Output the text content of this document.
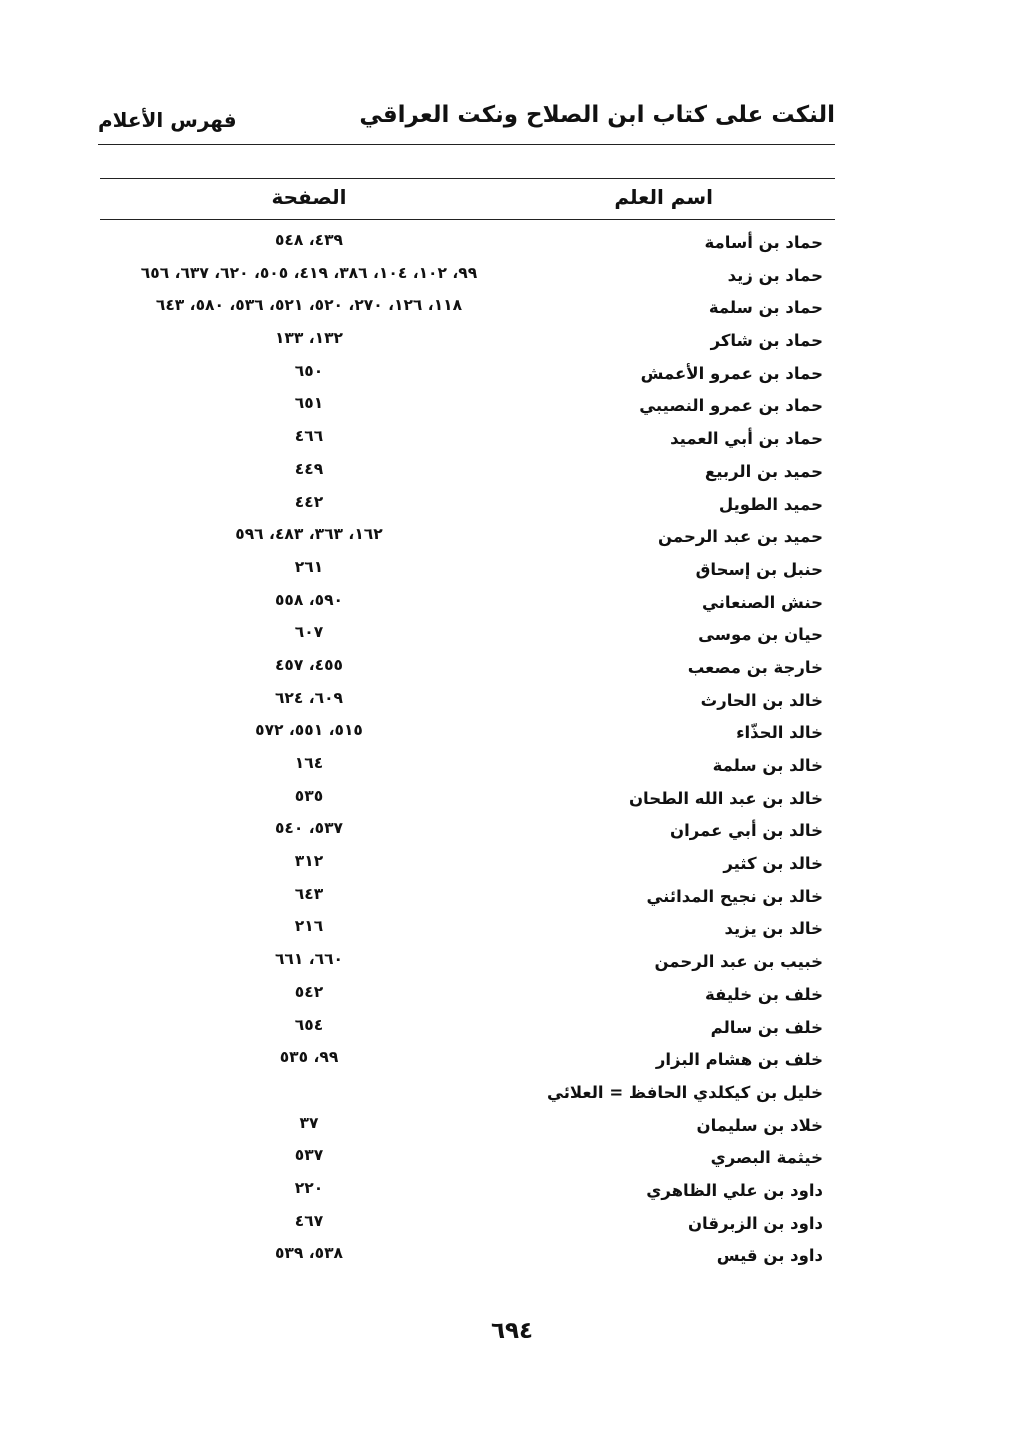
النكت على كتاب ابن الصلاح ونكت العراقي
فهرس الأعلام
اسم العلم
الصفحة
حماد بن أسامة
٤٣٩، ٥٤٨
حماد بن زيد
٩٩، ١٠٢، ١٠٤، ٣٨٦، ٤١٩، ٥٠٥، ٦٢٠، ٦٣٧، ٦٥٦
حماد بن سلمة
١١٨، ١٢٦، ٢٧٠، ٥٢٠، ٥٢١، ٥٣٦، ٥٨٠، ٦٤٣
حماد بن شاكر
١٣٢، ١٣٣
حماد بن عمرو الأعمش
٦٥٠
حماد بن عمرو النصيبي
٦٥١
حماد بن أبي العميد
٤٦٦
حميد بن الربيع
٤٤٩
حميد الطويل
٤٤٢
حميد بن عبد الرحمن
١٦٢، ٣٦٣، ٤٨٣، ٥٩٦
حنبل بن إسحاق
٢٦١
حنش الصنعاني
٥٩٠، ٥٥٨
حيان بن موسى
٦٠٧
خارجة بن مصعب
٤٥٥، ٤٥٧
خالد بن الحارث
٦٠٩، ٦٢٤
خالد الحذّاء
٥١٥، ٥٥١، ٥٧٢
خالد بن سلمة
١٦٤
خالد بن عبد الله الطحان
٥٣٥
خالد بن أبي عمران
٥٣٧، ٥٤٠
خالد بن كثير
٣١٢
خالد بن نجيح المدائني
٦٤٣
خالد بن يزيد
٢١٦
خبيب بن عبد الرحمن
٦٦٠، ٦٦١
خلف بن خليفة
٥٤٢
خلف بن سالم
٦٥٤
خلف بن هشام البزار
٩٩، ٥٣٥
خليل بن كيكلدي الحافظ = العلائي
خلاد بن سليمان
٣٧
خيثمة البصري
٥٣٧
داود بن علي الظاهري
٢٢٠
داود بن الزبرقان
٤٦٧
داود بن قيس
٥٣٨، ٥٣٩
٦٩٤
